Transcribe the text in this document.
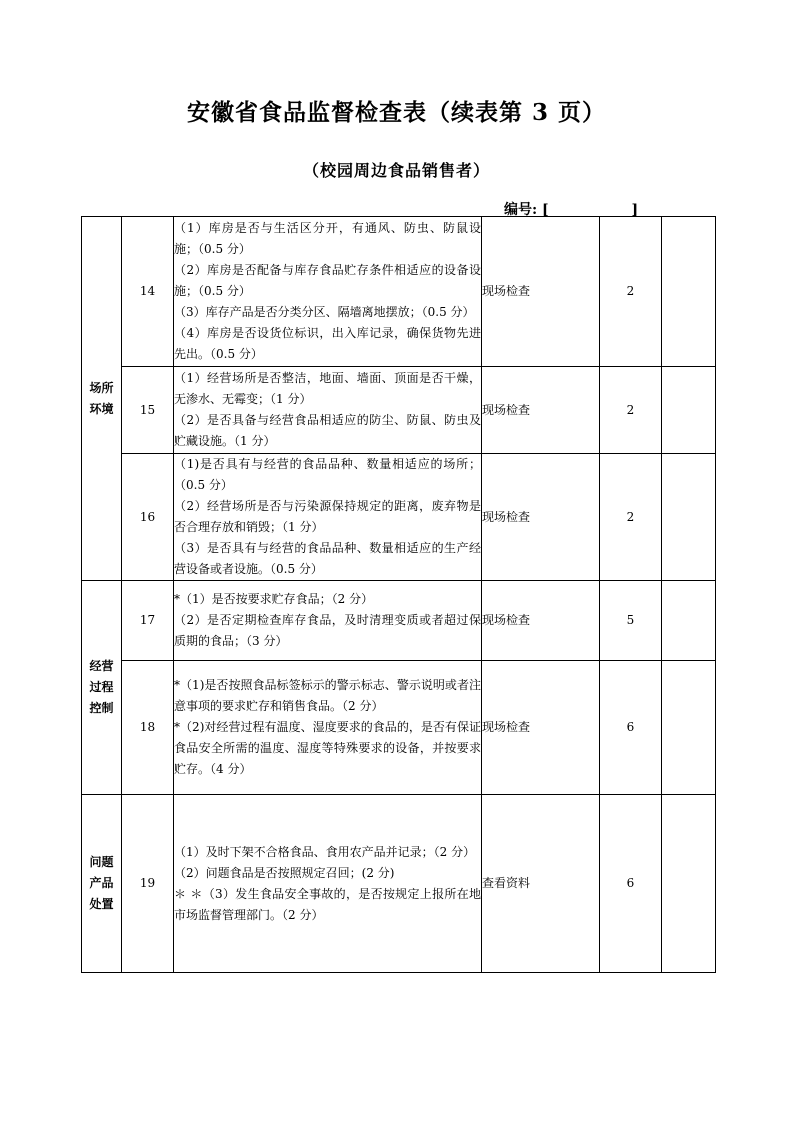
安徽省食品监督检查表（续表第 3 页）
（校园周边食品销售者）
编号: [	]
场所
环境	14	（1）库房是否与生活区分开，有通风、防虫、防鼠设施；（0.5 分）
（2）库房是否配备与库存食品贮存条件相适应的设备设施；（0.5 分）
（3）库存产品是否分类分区、隔墙离地摆放；（0.5 分）
（4）库房是否设货位标识，出入库记录，确保货物先进先出。（0.5 分）	现场检查	2	
	15	（1）经营场所是否整洁，地面、墙面、顶面是否干燥，无渗水、无霉变；（1 分）
（2）是否具备与经营食品相适应的防尘、防鼠、防虫及贮藏设施。（1 分）	现场检查	2	
	16	（1)是否具有与经营的食品品种、数量相适应的场所；（0.5 分）
（2）经营场所是否与污染源保持规定的距离，废弃物是否合理存放和销毁；（1 分）
（3）是否具有与经营的食品品种、数量相适应的生产经营设备或者设施。（0.5 分）	现场检查	2	

经营
过程
控制	17	*（1）是否按要求贮存食品；（2 分）
（2）是否定期检查库存食品，及时清理变质或者超过保质期的食品；（3 分）	现场检查	5	
	18	*（1)是否按照食品标签标示的警示标志、警示说明或者注意事项的要求贮存和销售食品。（2 分）
*（2)对经营过程有温度、湿度要求的食品的，是否有保证食品安全所需的温度、湿度等特殊要求的设备，并按要求贮存。（4 分）	现场检查	6	

问题
产品
处置	19	（1）及时下架不合格食品、食用农产品并记录；（2 分）
（2）问题食品是否按照规定召回；(2 分)
＊ ＊（3）发生食品安全事故的，是否按规定上报所在地市场监督管理部门。（2 分）	查看资料	6	
